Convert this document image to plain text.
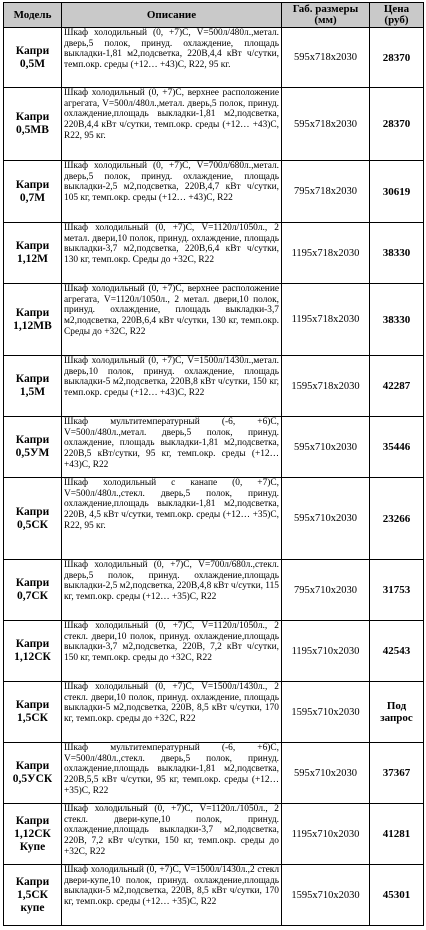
Модель	Описание	Габ. размеры (мм)	Цена (руб)
Капри 0,5М	Шкаф холодильный (0, +7)С, V=500л/480л.,метал. дверь,5 полок, принуд. охлаждение, площадь выкладки-1,81 м2,подсветка, 220В,4,4 кВт ч/сутки, темп.окр. среды (+12… +43)С, R22, 95 кг.	595х718х2030	28370
Капри 0,5МВ	Шкаф холодильный (0, +7)С, верхнее расположение агрегата, V=500л/480л.,метал. дверь,5 полок, принуд. охлаждение,площадь выкладки-1,81 м2,подсветка, 220В,4,4 кВт ч/сутки, темп.окр. среды (+12… +43)С, R22, 95 кг.	595х718х2030	28370
Капри 0,7М	Шкаф холодильный (0, +7)С, V=700л/680л.,метал. дверь,5 полок, принуд. охлаждение, площадь выкладки-2,5 м2,подсветка, 220В,4,7 кВт ч/сутки, 105 кг, темп.окр. среды (+12… +43)С, R22	795х718х2030	30619
Капри 1,12М	Шкаф холодильный (0, +7)С, V=1120л/1050л., 2 метал. двери,10 полок, принуд. охлаждение, площадь выкладки-3,7 м2,подсветка, 220В,6,4 кВт ч/сутки, 130 кг, темп.окр. Среды до +32С, R22	1195х718х2030	38330
Капри 1,12МВ	Шкаф холодильный (0, +7)С, верхнее расположение агрегата, V=1120л/1050л., 2 метал. двери,10 полок, принуд. охлаждение, площадь выкладки-3,7 м2,подсветка, 220В,6,4 кВт ч/сутки, 130 кг, темп.окр. Среды до +32С, R22	1195х718х2030	38330
Капри 1,5М	Шкаф холодильный (0, +7)С, V=1500л/1430л.,метал. дверь,10 полок, принуд. охлаждение, площадь выкладки-5 м2,подсветка, 220В,8 кВт ч/сутки, 150 кг, темп.окр. среды (+12… +43)С, R22	1595х718х2030	42287
Капри 0,5УМ	Шкаф мультитемпературный (-6, +6)С, V=500л/480л.,метал. дверь,5 полок, принуд. охлаждение, площадь выкладки-1,81 м2,подсветка, 220В,5 кВт/сутки, 95 кг, темп.окр. среды (+12… +43)С, R22	595х710х2030	35446
Капри 0,5СК	Шкаф холодильный с канапе (0, +7)С, V=500л/480л.,стекл. дверь,5 полок, принуд. охлаждение,площадь выкладки-1,81 м2,подсветка, 220В, 4,5 кВт ч/сутки, темп.окр. среды (+12… +35)С, R22, 95 кг.	595х710х2030	23266
Капри 0,7СК	Шкаф холодильный (0, +7)С, V=700л/680л.,стекл. дверь,5 полок, принуд. охлаждение,площадь выкладки-2,5 м2,подсветка, 220В,4,8 кВт ч/сутки, 115 кг, темп.окр. среды (+12… +35)С, R22	795х710х2030	31753
Капри 1,12СК	Шкаф холодильный (0, +7)С, V=1120л/1050л., 2 стекл. двери,10 полок, принуд. охлаждение,площадь выкладки-3,7 м2,подсветка, 220В, 7,2 кВт ч/сутки, 150 кг, темп.окр. среды до +32С, R22	1195х710х2030	42543
Капри 1,5СК	Шкаф холодильный (0, +7)С, V=1500л/1430л., 2 стекл. двери,10 полок, принуд. охлаждение, площадь выкладки-5 м2,подсветка, 220В, 8,5 кВт ч/сутки, 170 кг, темп.окр. среды до +32С, R22	1595х710х2030	Под запрос
Капри 0,5УСК	Шкаф мультитемпературный (-6, +6)С, V=500л/480л.,стекл. дверь,5 полок, принуд. охлаждение,площадь выкладки-1,81 м2,подсветка, 220В,5,5 кВт ч/сутки, 95 кг, темп.окр. среды (+12… +35)С, R22	595х710х2030	37367
Капри 1,12СК Купе	Шкаф холодильный (0, +7)С, V=1120л./1050л., 2 стекл. двери-купе,10 полок, принуд. охлаждение,площадь выкладки-3,7 м2,подсветка, 220В, 7,2 кВт ч/сутки, 150 кг, темп.окр. среды до +32С, R22	1195х710х2030	41281
Капри 1,5СК купе	Шкаф холодильный (0, +7)С, V=1500л/1430л.,2 стекл двери-купе,10 полок, принуд. охлаждение,площадь выкладки-5 м2,подсветка, 220В, 8,5 кВт ч/сутки, 170 кг, темп.окр. среды (+12… +35)С, R22	1595х710х2030	45301
